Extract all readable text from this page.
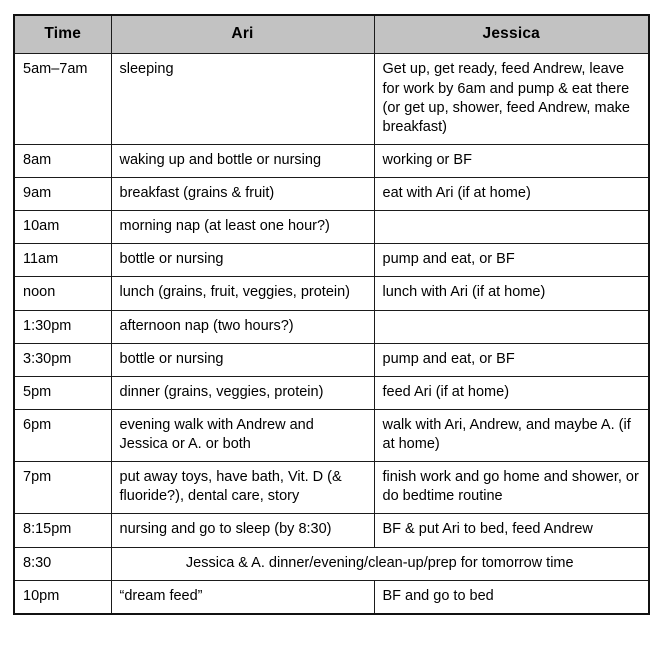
Time	Ari	Jessica
5am–7am	sleeping	Get up, get ready, feed Andrew, leave for work by 6am and pump & eat there (or get up, shower, feed Andrew, make breakfast)
8am	waking up and bottle or nursing	working or BF
9am	breakfast (grains & fruit)	eat with Ari (if at home)
10am	morning nap (at least one hour?)	
11am	bottle or nursing	pump and eat, or BF
noon	lunch (grains, fruit, veggies, protein)	lunch with Ari (if at home)
1:30pm	afternoon nap (two hours?)	
3:30pm	bottle or nursing	pump and eat, or BF
5pm	dinner (grains, veggies, protein)	feed Ari (if at home)
6pm	evening walk with Andrew and Jessica or A. or both	walk with Ari, Andrew, and maybe A. (if at home)
7pm	put away toys, have bath, Vit. D (& fluoride?), dental care, story	finish work and go home and shower, or do bedtime routine
8:15pm	nursing and go to sleep (by 8:30)	BF & put Ari to bed, feed Andrew
8:30	Jessica & A. dinner/evening/clean-up/prep for tomorrow time	
10pm	“dream feed”	BF and go to bed
